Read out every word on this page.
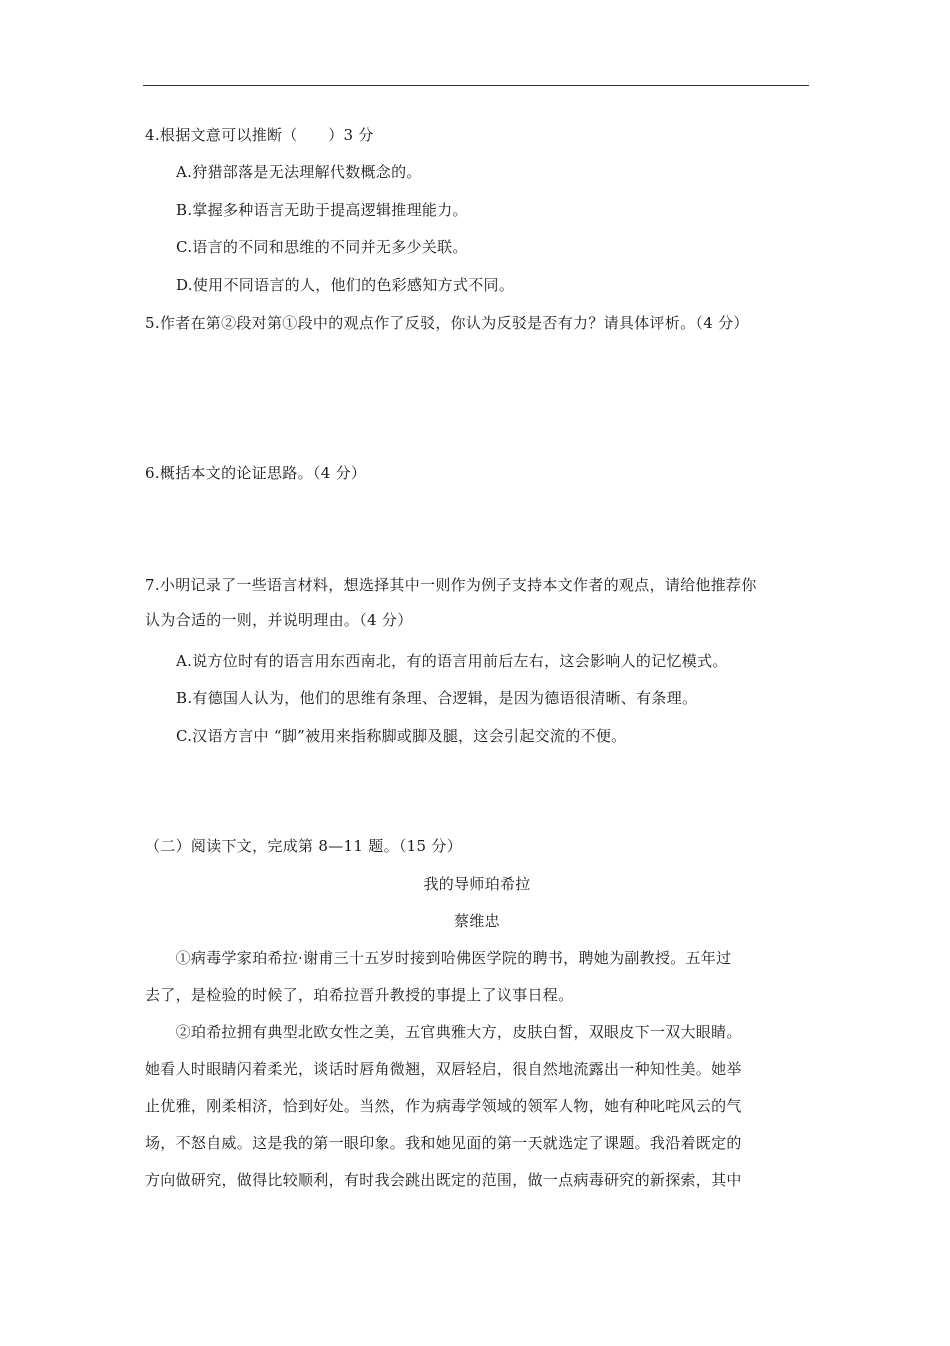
4.根据文意可以推断（　　）3 分
A.狩猎部落是无法理解代数概念的。
B.掌握多种语言无助于提高逻辑推理能力。
C.语言的不同和思维的不同并无多少关联。
D.使用不同语言的人，他们的色彩感知方式不同。
5.作者在第②段对第①段中的观点作了反驳，你认为反驳是否有力？请具体评析。（4 分）
6.概括本文的论证思路。（4 分）
7.小明记录了一些语言材料，想选择其中一则作为例子支持本文作者的观点，请给他推荐你
认为合适的一则，并说明理由。（4 分）
A.说方位时有的语言用东西南北，有的语言用前后左右，这会影响人的记忆模式。
B.有德国人认为，他们的思维有条理、合逻辑，是因为德语很清晰、有条理。
C.汉语方言中 “脚”被用来指称脚或脚及腿，这会引起交流的不便。
（二）阅读下文，完成第 8—11 题。（15 分）
我的导师珀希拉
蔡维忠
　　①病毒学家珀希拉·谢甫三十五岁时接到哈佛医学院的聘书，聘她为副教授。五年过
去了，是检验的时候了，珀希拉晋升教授的事提上了议事日程。
　　②珀希拉拥有典型北欧女性之美，五官典雅大方，皮肤白皙，双眼皮下一双大眼睛。
她看人时眼睛闪着柔光，谈话时唇角微翘，双唇轻启，很自然地流露出一种知性美。她举
止优雅，刚柔相济，恰到好处。当然，作为病毒学领域的领军人物，她有种叱咤风云的气
场，不怒自威。这是我的第一眼印象。我和她见面的第一天就选定了课题。我沿着既定的
方向做研究，做得比较顺利，有时我会跳出既定的范围，做一点病毒研究的新探索，其中
